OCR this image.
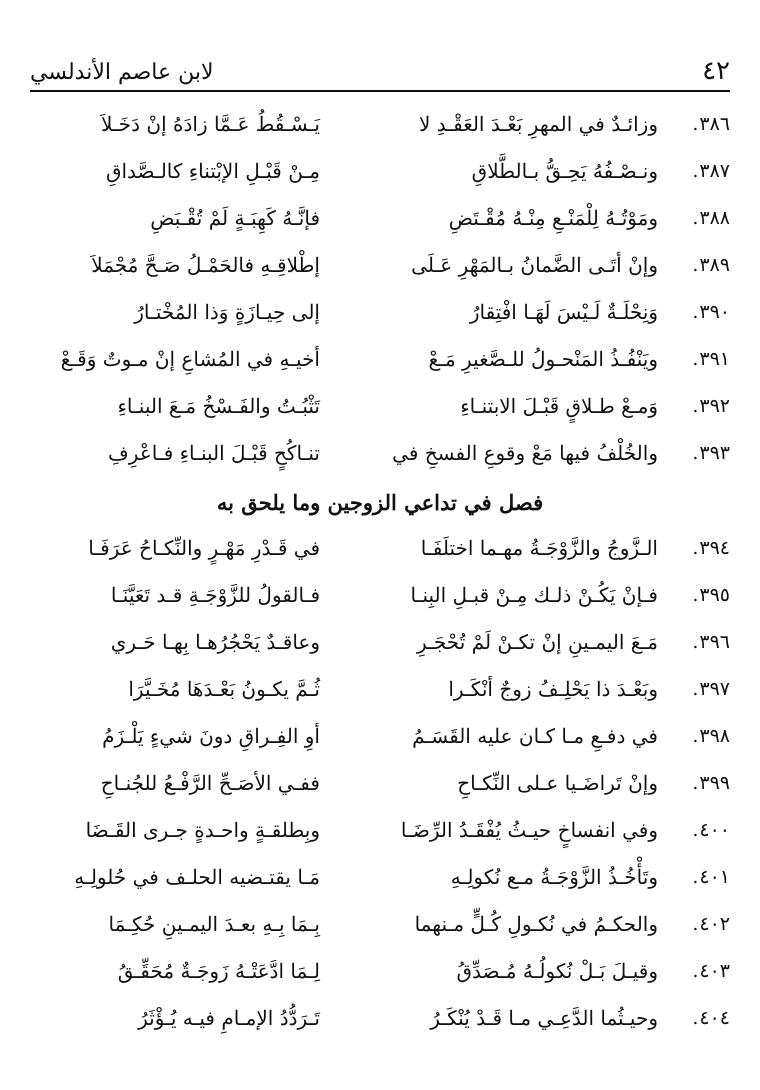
٤٢
لابن عاصم الأندلسي
٣٨٦ .
وزائـدٌ في المهرِ بَعْـدَ العَقْـدِ لا
يَـسْـقُطُ عَـمَّا زادَهُ إنْ دَخَـلاَ
٣٨٧ .
ونـصْـفُهُ يَحِـقُّ بـالطَّلاقِ
مِـنْ قَبْـلِ الإبْتناءِ كالـصَّداقِ
٣٨٨ .
ومَوْتُـهُ لِلْمَنْـعِ مِنْـهُ مُقْـتَضِ
فإنَّـهُ كَهِبَـةٍ لَمْ تُقْـبَضِ
٣٨٩ .
وإنْ أتَـى الضَّمانُ بـالمَهْرِ عَـلَى
إطْلاقِـهِ فالحَمْـلُ صَـحَّ مُجْمَلاَ
٣٩٠ .
وَنِحْلَـةٌ لَـيْسَ لَهَـا افْتِقارُ
إلى حِيـازَةٍ وَذا المُخْتـارُ
٣٩١ .
ويَنْفُـذُ المَنْحـولُ للـصَّغيرِ مَـعْ
أخيـهِ في المُشاعِ إنْ مـوتٌ وَقَـعْ
٣٩٢ .
وَمـعْ طـلاقٍ قَبْـلَ الابتنـاءِ
تَثْبُـتُ والفَـسْخُ مَـعَ البنـاءِ
٣٩٣ .
والخُلْفُ فيها مَعْ وقوعِ الفسخِ في
تنـاكُحٍ قَبْـلَ البنـاءِ فـاعْرِفِ
فصل في تداعي الزوجين وما يلحق به
٣٩٤ .
الـزَّوجُ والزَّوْجَـةُ مهـما اختلَفَـا
في قَـدْرِ مَهْـرٍ والنِّكـاحُ عَرَفَـا
٣٩٥ .
فـإنْ يَكُـنْ ذلـك مِـنْ قبـلِ البِنـا
فـالقولُ للزَّوْجَـةِ قـد تَعَيَّنَـا
٣٩٦ .
مَـعَ اليمـينِ إنْ تكـنْ لَمْ تُحْجَـرِ
وعاقـدٌ يَحْجُرُهـا بِهـا حَـري
٣٩٧ .
وبَعْـدَ ذا يَحْلِـفُ زوجٌ أنْكَـرا
ثُـمَّ يكـونُ بَعْـدَهَا مُخَـيَّرَا
٣٩٨ .
في دفـعِ مـا كـان عليه القَسَـمُ
أوِ الفِـراقِ دونَ شيءٍ يَلْـزَمُ
٣٩٩ .
وإنْ تَراضَـيا عـلى النِّكـاحِ
ففـي الأصَـحِّ الرَّفْـعُ للجُنـاحِ
٤٠٠ .
وفي انفساخٍ حيـثُ يُفْقَـدُ الرِّضَـا
وبِطلقـةٍ واحـدةٍ جـرى القَـضَا
٤٠١ .
وتَأْخُـذُ الزَّوْجَـةُ مـع نُكولِـهِ
مَـا يقتـضيه الحلـف في حُلولِـهِ
٤٠٢ .
والحكـمُ في نُكـولِ كُـلٍّ مـنهما
بِـمَا بِـهِ بعـدَ اليمـينِ حُكِـمَا
٤٠٣ .
وقيـلَ بَـلْ نُكولُـهُ مُـصَدِّقُ
لِـمَا ادَّعَتْـهُ زَوجَـةٌ مُحَقِّـقُ
٤٠٤ .
وحيـثُما الدَّعِـي مـا قَـدْ يُنْكَـرُ
تَـرَدُّدُ الإمـامِ فيـه يُـؤْثَرُ
